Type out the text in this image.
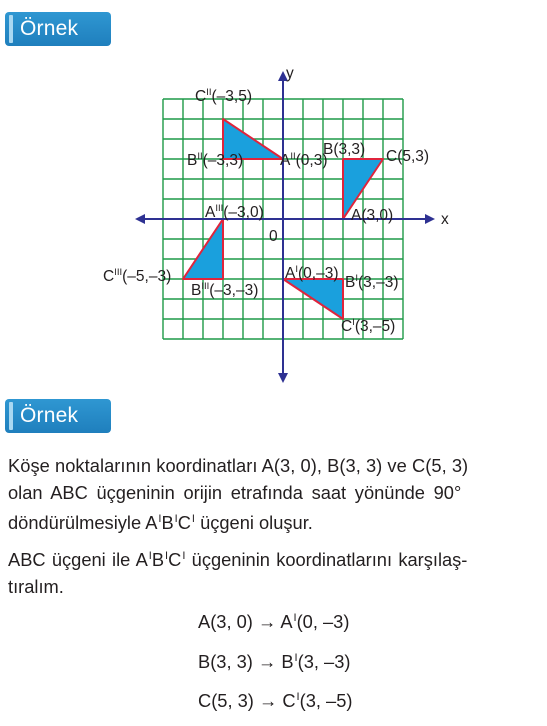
Örnek
x
y
0
A(3,0)
B(3,3) C(5,3)
$A^I(0,-3)$
$B^I(3,-3)$
$C^I(3,-5)$
$A^{II}(0,3)$
$B^{II}(-3,3)$
$C^{II}(-3,5)$
$A^{III}(-3,0)$
$B^{III}(-3,-3)$
$C^{III}(-5,-3)$
Örnek
Köşe noktalarının koordinatları A(3, 0), B(3, 3) ve C(5, 3)
olan ABC üçgeninin orijin etrafında saat yönünde 90°
döndürülmesiyle $A^IB^IC^I$ üçgeni oluşur.
ABC üçgeni ile $A^IB^IC^I$ üçgeninin koordinatlarını karşılaş-
tıralım.
A(3, $0) \to A^I(0$, –3)
B(3, $3) \to B^I(3$, –3)
C(5, $3) \to C^I(3$, –5)
